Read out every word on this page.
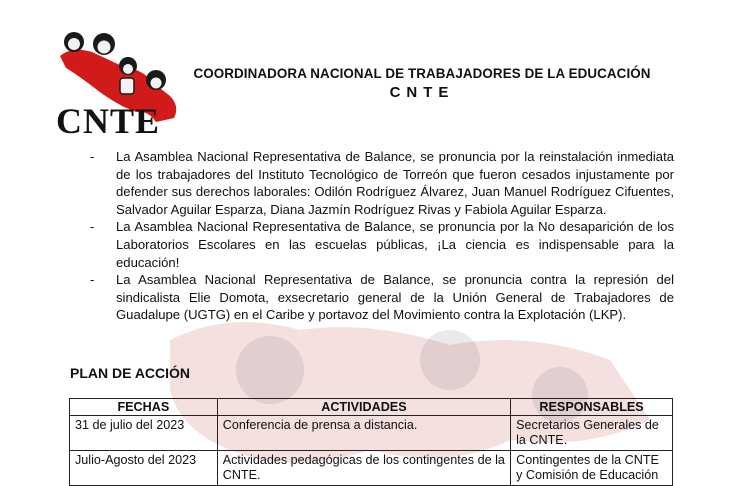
CNTE
COORDINADORA NACIONAL DE TRABAJADORES DE LA EDUCACIÓN
CNTE
- La Asamblea Nacional Representativa de Balance, se pronuncia por la reinstalación inmediata de los trabajadores del Instituto Tecnológico de Torreón que fueron cesados injustamente por defender sus derechos laborales: Odilón Rodríguez Álvarez, Juan Manuel Rodríguez Cifuentes, Salvador Aguilar Esparza, Diana Jazmín Rodríguez Rivas y Fabiola Aguilar Esparza.
- La Asamblea Nacional Representativa de Balance, se pronuncia por la No desaparición de los Laboratorios Escolares en las escuelas públicas, ¡La ciencia es indispensable para la educación!
- La Asamblea Nacional Representativa de Balance, se pronuncia contra la represión del sindicalista Elie Domota, exsecretario general de la Unión General de Trabajadores de Guadalupe (UGTG) en el Caribe y portavoz del Movimiento contra la Explotación (LKP).
PLAN DE ACCIÓN
FECHAS	ACTIVIDADES	RESPONSABLES
31 de julio del 2023	Conferencia de prensa a distancia.	Secretarios Generales de la CNTE.
Julio-Agosto del 2023	Actividades pedagógicas de los contingentes de la CNTE.	Contingentes de la CNTE y Comisión de Educación
